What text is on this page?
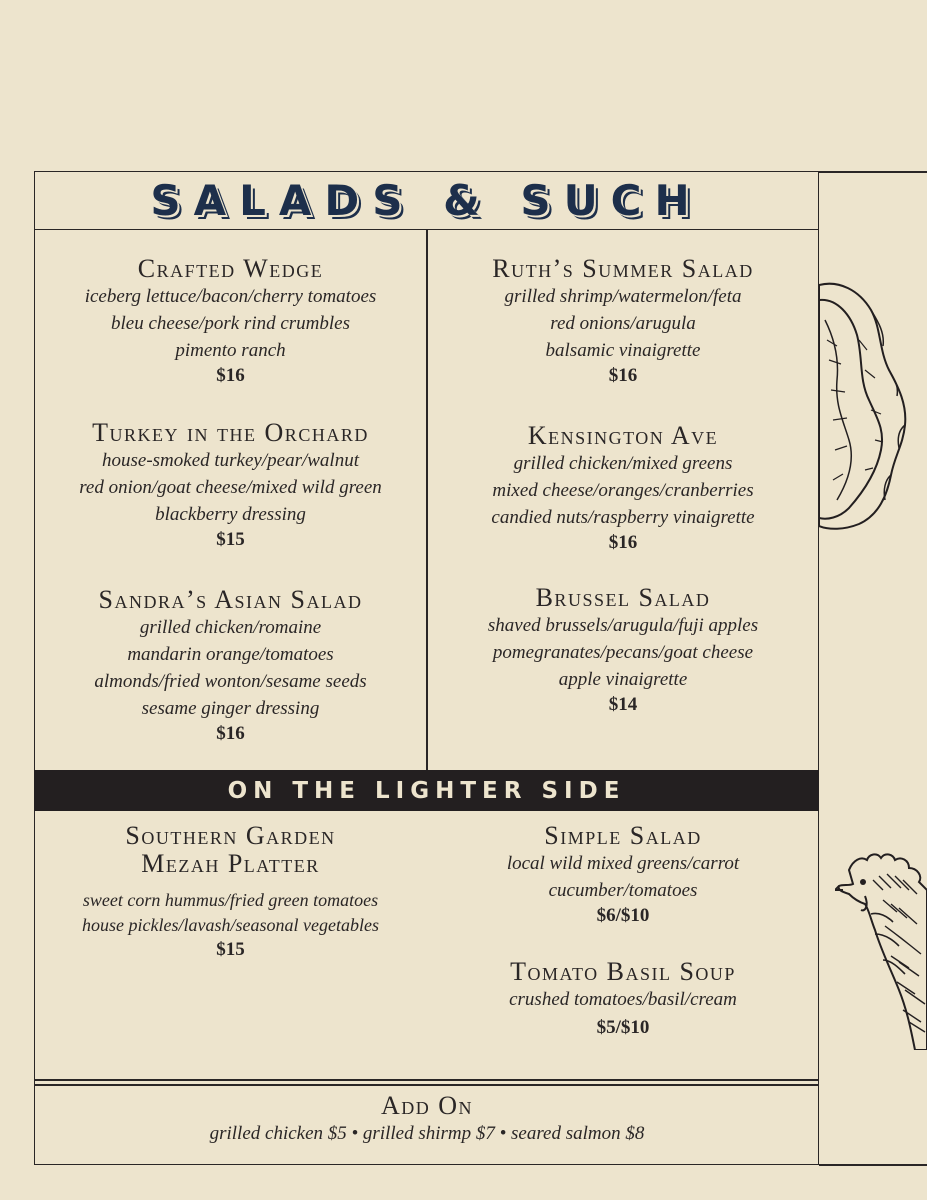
SALADS & SUCH
Crafted Wedge
iceberg lettuce/bacon/cherry tomatoes
bleu cheese/pork rind crumbles
pimento ranch
$16
Turkey in the Orchard
house-smoked turkey/pear/walnut
red onion/goat cheese/mixed wild green
blackberry dressing
$15
Sandra’s Asian Salad
grilled chicken/romaine
mandarin orange/tomatoes
almonds/fried wonton/sesame seeds
sesame ginger dressing
$16
Ruth’s Summer Salad
grilled shrimp/watermelon/feta
red onions/arugula
balsamic vinaigrette
$16
Kensington Ave
grilled chicken/mixed greens
mixed cheese/oranges/cranberries
candied nuts/raspberry vinaigrette
$16
Brussel Salad
shaved brussels/arugula/fuji apples
pomegranates/pecans/goat cheese
apple vinaigrette
$14
ON THE LIGHTER SIDE
Southern Garden
Mezah Platter
sweet corn hummus/fried green tomatoes
house pickles/lavash/seasonal vegetables
$15
Simple Salad
local wild mixed greens/carrot
cucumber/tomatoes
$6/$10
Tomato Basil Soup
crushed tomatoes/basil/cream
$5/$10
Add On
grilled chicken $5 • grilled shirmp $7 • seared salmon $8
